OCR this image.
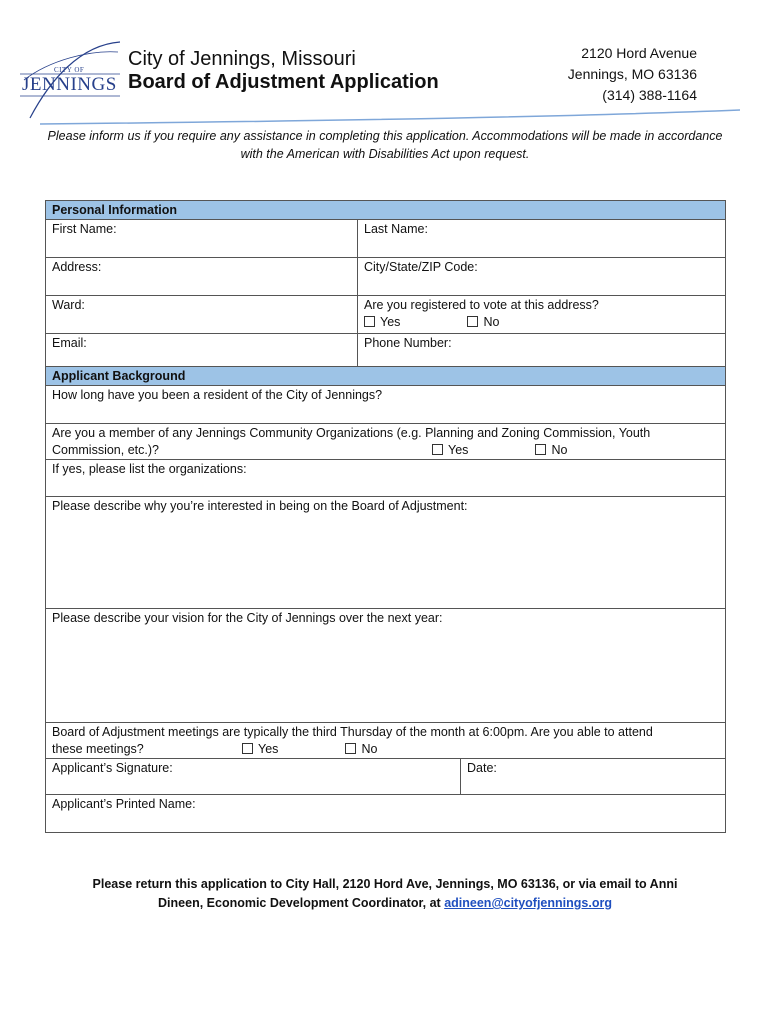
CITY OF
JENNINGS
City of Jennings, Missouri
Board of Adjustment Application
2120 Hord Avenue
Jennings, MO 63136
(314) 388-1164
Please inform us if you require any assistance in completing this application. Accommodations will be made in accordance with the American with Disabilities Act upon request.
Personal Information		
First Name:	Last Name:	
Address:	City/State/ZIP Code:	
Ward:	Are you registered to vote at this address?
Yes No	

Email:	Phone Number:	
Applicant Background		
How long have you been a resident of the City of Jennings?		

Are you a member of any Jennings Community Organizations (e.g. Planning and Zoning Commission, Youth
Commission, etc.)? Yes No		

If yes, please list the organizations:		
Please describe why you’re interested in being on the Board of Adjustment:		
Please describe your vision for the City of Jennings over the next year:		

Board of Adjustment meetings are typically the third Thursday of the month at 6:00pm. Are you able to attend
these meetings? Yes No		

Applicant’s Signature:		Date:
Applicant’s Printed Name:		
Please return this application to City Hall, 2120 Hord Ave, Jennings, MO 63136, or via email to Anni
Dineen, Economic Development Coordinator, at adineen@cityofjennings.org
